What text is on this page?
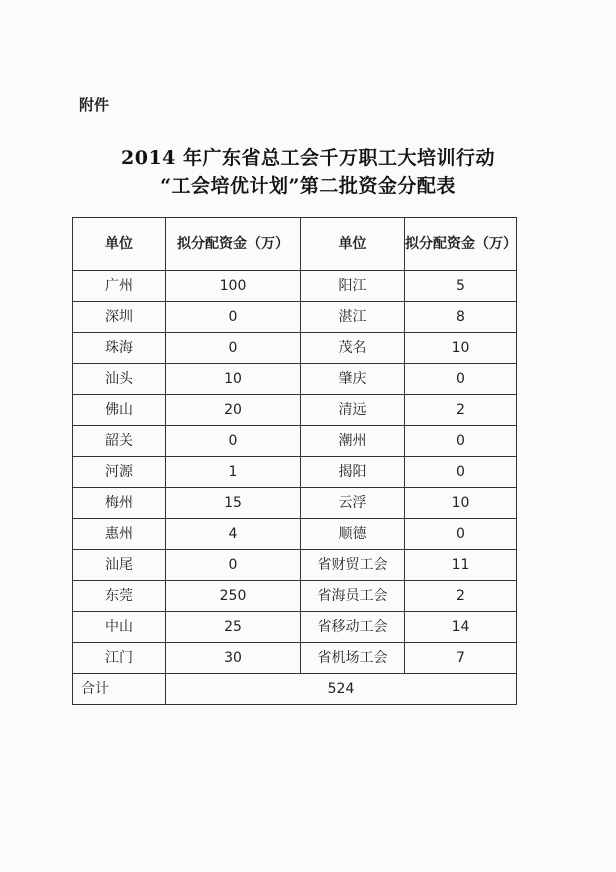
附件
2014 年广东省总工会千万职工大培训行动
“工会培优计划”第二批资金分配表
单位	拟分配资金（万）	单位	拟分配资金（万）
广州	100	阳江	5
深圳	0	湛江	8
珠海	0	茂名	10
汕头	10	肇庆	0
佛山	20	清远	2
韶关	0	潮州	0
河源	1	揭阳	0
梅州	15	云浮	10
惠州	4	顺德	0
汕尾	0	省财贸工会	11
东莞	250	省海员工会	2
中山	25	省移动工会	14
江门	30	省机场工会	7
合计	524		
